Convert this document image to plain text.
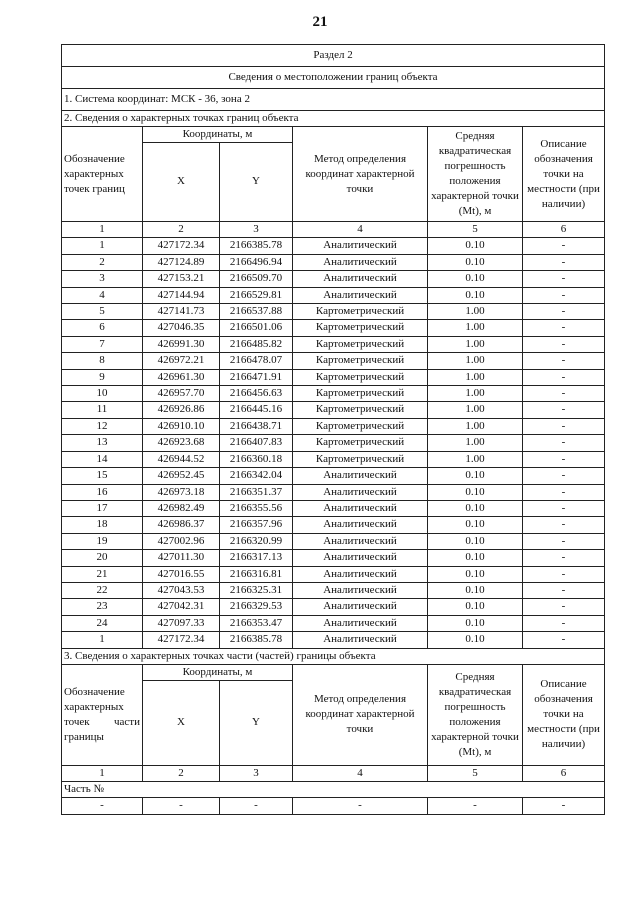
21
Раздел 2					
Сведения о местоположении границ объекта					
1. Система координат: МСК - 36, зона 2					
2. Сведения о характерных точках границ объекта					
Обозначение характерных точек границ	Координаты, м		Метод определения координат характерной точки	Средняя квадратическая погрешность положения характерной точки (Mt), м	Описание обозначения точки на местности (при наличии)
	X	Y			
1	2	3	4	5	6
1	427172.34	2166385.78	Аналитический	0.10	-
2	427124.89	2166496.94	Аналитический	0.10	-
3	427153.21	2166509.70	Аналитический	0.10	-
4	427144.94	2166529.81	Аналитический	0.10	-
5	427141.73	2166537.88	Картометрический	1.00	-
6	427046.35	2166501.06	Картометрический	1.00	-
7	426991.30	2166485.82	Картометрический	1.00	-
8	426972.21	2166478.07	Картометрический	1.00	-
9	426961.30	2166471.91	Картометрический	1.00	-
10	426957.70	2166456.63	Картометрический	1.00	-
11	426926.86	2166445.16	Картометрический	1.00	-
12	426910.10	2166438.71	Картометрический	1.00	-
13	426923.68	2166407.83	Картометрический	1.00	-
14	426944.52	2166360.18	Картометрический	1.00	-
15	426952.45	2166342.04	Аналитический	0.10	-
16	426973.18	2166351.37	Аналитический	0.10	-
17	426982.49	2166355.56	Аналитический	0.10	-
18	426986.37	2166357.96	Аналитический	0.10	-
19	427002.96	2166320.99	Аналитический	0.10	-
20	427011.30	2166317.13	Аналитический	0.10	-
21	427016.55	2166316.81	Аналитический	0.10	-
22	427043.53	2166325.31	Аналитический	0.10	-
23	427042.31	2166329.53	Аналитический	0.10	-
24	427097.33	2166353.47	Аналитический	0.10	-
1	427172.34	2166385.78	Аналитический	0.10	-
3. Сведения о характерных точках части (частей) границы объекта					
Обозначение характерных точек части границы	Координаты, м		Метод определения координат характерной точки	Средняя квадратическая погрешность положения характерной точки (Mt), м	Описание обозначения точки на местности (при наличии)
	X	Y			
1	2	3	4	5	6
Часть №					
-	-	-	-	-	-
